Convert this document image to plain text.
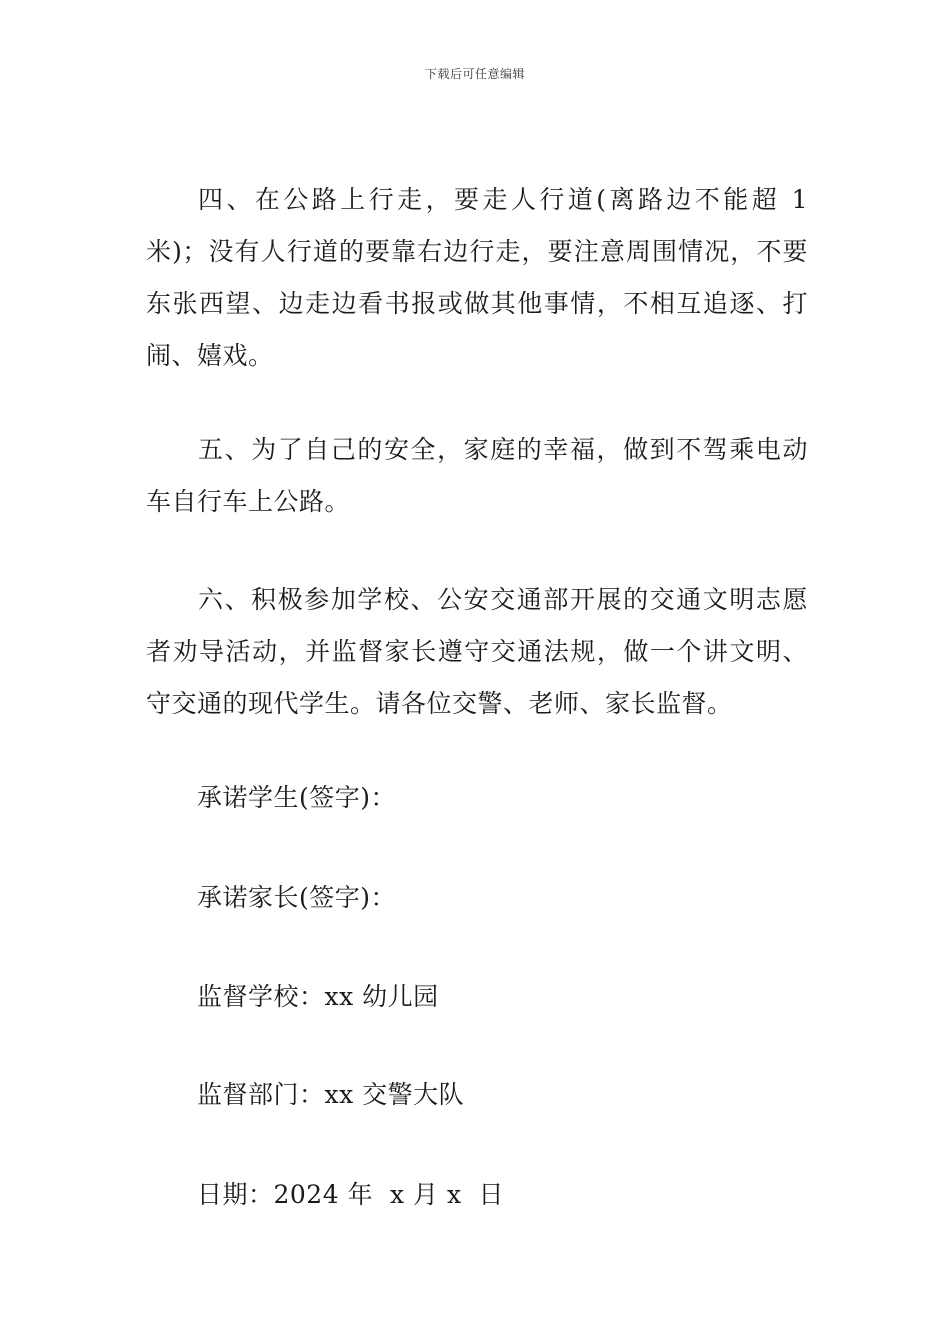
下载后可任意编辑

四、在公路上行走，要走人行道(离路边不能超 1 米)；没有人行道的要靠右边行走，要注意周围情况，不要东张西望、边走边看书报或做其他事情，不相互追逐、打闹、嬉戏。

五、为了自己的安全，家庭的幸福，做到不驾乘电动车自行车上公路。

六、积极参加学校、公安交通部开展的交通文明志愿者劝导活动，并监督家长遵守交通法规，做一个讲文明、守交通的现代学生。请各位交警、老师、家长监督。

承诺学生(签字)：
承诺家长(签字)：
监督学校：xx 幼儿园
监督部门：xx 交警大队
日期：2024 年  x 月 x  日
